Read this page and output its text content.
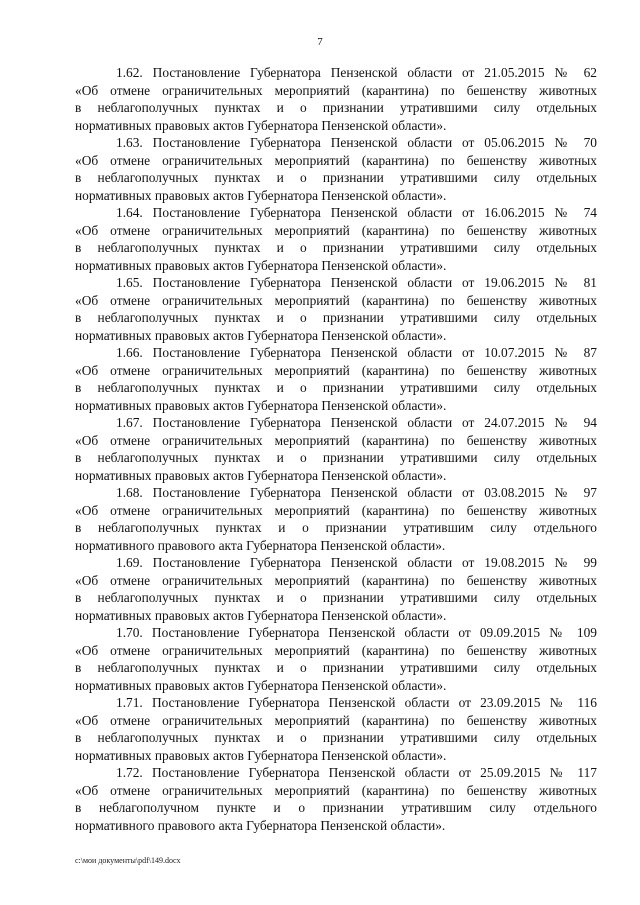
7

1.62. Постановление Губернатора Пензенской области от 21.05.2015 № 62
«Об отмене ограничительных мероприятий (карантина) по бешенству животных
в неблагополучных пунктах и о признании утратившими силу отдельных
нормативных правовых актов Губернатора Пензенской области».

1.63. Постановление Губернатора Пензенской области от 05.06.2015 № 70
«Об отмене ограничительных мероприятий (карантина) по бешенству животных
в неблагополучных пунктах и о признании утратившими силу отдельных
нормативных правовых актов Губернатора Пензенской области».

1.64. Постановление Губернатора Пензенской области от 16.06.2015 № 74
«Об отмене ограничительных мероприятий (карантина) по бешенству животных
в неблагополучных пунктах и о признании утратившими силу отдельных
нормативных правовых актов Губернатора Пензенской области».

1.65. Постановление Губернатора Пензенской области от 19.06.2015 № 81
«Об отмене ограничительных мероприятий (карантина) по бешенству животных
в неблагополучных пунктах и о признании утратившими силу отдельных
нормативных правовых актов Губернатора Пензенской области».

1.66. Постановление Губернатора Пензенской области от 10.07.2015 № 87
«Об отмене ограничительных мероприятий (карантина) по бешенству животных
в неблагополучных пунктах и о признании утратившими силу отдельных
нормативных правовых актов Губернатора Пензенской области».

1.67. Постановление Губернатора Пензенской области от 24.07.2015 № 94
«Об отмене ограничительных мероприятий (карантина) по бешенству животных
в неблагополучных пунктах и о признании утратившими силу отдельных
нормативных правовых актов Губернатора Пензенской области».

1.68. Постановление Губернатора Пензенской области от 03.08.2015 № 97
«Об отмене ограничительных мероприятий (карантина) по бешенству животных
в неблагополучных пунктах и о признании утратившим силу отдельного
нормативного правового акта Губернатора Пензенской области».

1.69. Постановление Губернатора Пензенской области от 19.08.2015 № 99
«Об отмене ограничительных мероприятий (карантина) по бешенству животных
в неблагополучных пунктах и о признании утратившими силу отдельных
нормативных правовых актов Губернатора Пензенской области».

1.70. Постановление Губернатора Пензенской области от 09.09.2015 № 109
«Об отмене ограничительных мероприятий (карантина) по бешенству животных
в неблагополучных пунктах и о признании утратившими силу отдельных
нормативных правовых актов Губернатора Пензенской области».

1.71. Постановление Губернатора Пензенской области от 23.09.2015 № 116
«Об отмене ограничительных мероприятий (карантина) по бешенству животных
в неблагополучных пунктах и о признании утратившими силу отдельных
нормативных правовых актов Губернатора Пензенской области».

1.72. Постановление Губернатора Пензенской области от 25.09.2015 № 117
«Об отмене ограничительных мероприятий (карантина) по бешенству животных
в неблагополучном пункте и о признании утратившим силу отдельного
нормативного правового акта Губернатора Пензенской области».

c:\мои документы\pdf\149.docx
